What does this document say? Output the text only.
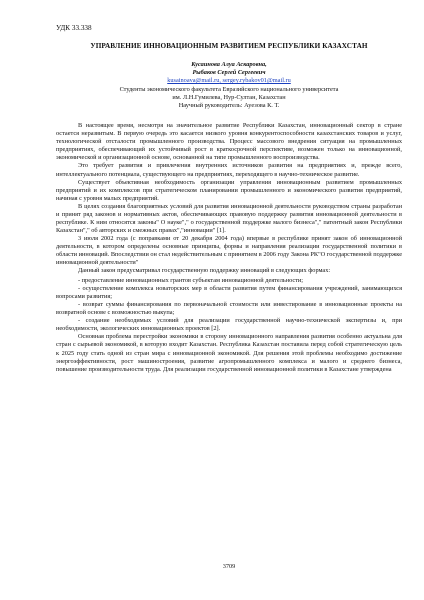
УДК 33.338
УПРАВЛЕНИЕ ИННОВАЦИОННЫМ РАЗВИТИЕМ РЕСПУБЛИКИ КАЗАХСТАН
Кусаинова Алуа Аскаровна,
Рыбаков Сергей Сергеевич
kusainoava@mail.ru, sergey.rybakov01@mail.ru
Студенты экономического факультета Евразийского национального университета
им. Л.Н.Гумилева, Нур-Султан, Казахстан
Научный руководитель: Ауезова К. Т.

В настоящее время, несмотря на значительное развитие Республики Казахстан, инновационный сектор в стране остается неразвитым. В первую очередь это касается низкого уровня конкурентоспособности казахстанских товаров и услуг, технологической отсталости промышленного производства. Процесс массового внедрения ситуация на промышленных предприятиях, обеспечивающий их устойчивый рост в краткосрочной перспективе, возможен только на инновационной, экономической и организационной основе, основанной на типе промышленного воспроизводства.

Это требует развития и привлечения внутренних источников развития на предприятиях и, прежде всего, интеллектуального потенциала, существующего на предприятиях, переходящего в научно-техническое развитие.

Существует объективная необходимость организации управления инновационным развитием промышленных предприятий и их комплексов при стратегическом планировании промышленного и экономического развития предприятий, начиная с уровня малых предприятий.

В целях создания благоприятных условий для развития инновационной деятельности руководством страны разработан и принят ряд законов и нормативных актов, обеспечивающих правовую поддержку развития инновационной деятельности в республике. К ним относятся законы" О науке"," о государственной поддержке малого бизнеса"," патентный закон Республики Казахстан"," об авторских и смежных правах","инновации" [1].

3 июля 2002 года (с поправками от 20 декабря 2004 года) впервые в республике принят закон об инновационной деятельности, в котором определены основные принципы, формы и направления реализации государственной политики в области инноваций. Впоследствии он стал недействительным с принятием в 2006 году Закона РК"О государственной поддержке инновационной деятельности"

Данный закон предусматривал государственную поддержку инноваций в следующих формах:

- предоставление инновационных грантов субъектам инновационной деятельности;

- осуществление комплекса новаторских мер в области развития путем финансирования учреждений, занимающихся вопросами развития;

- возврат суммы финансирования по первоначальной стоимости или инвестирование в инновационные проекты на возвратной основе с возможностью выкупа;

- создание необходимых условий для реализации государственной научно-технической экспертизы и, при необходимости, экологических инновационных проектов [2].

Основная проблема перестройки экономики в сторону инновационного направления развития особенно актуальна для стран с сырьевой экономикой, в которую входит Казахстан. Республика Казахстан поставила перед собой стратегическую цель к 2025 году стать одной из стран мира с инновационной экономикой. Для решения этой проблемы необходимо достижение энергоэффективности, рост машиностроения, развитие агропромышленного комплекса и малого и среднего бизнеса, повышение производительности труда. Для реализации государственной инновационной политики в Казахстане утверждена

3709
